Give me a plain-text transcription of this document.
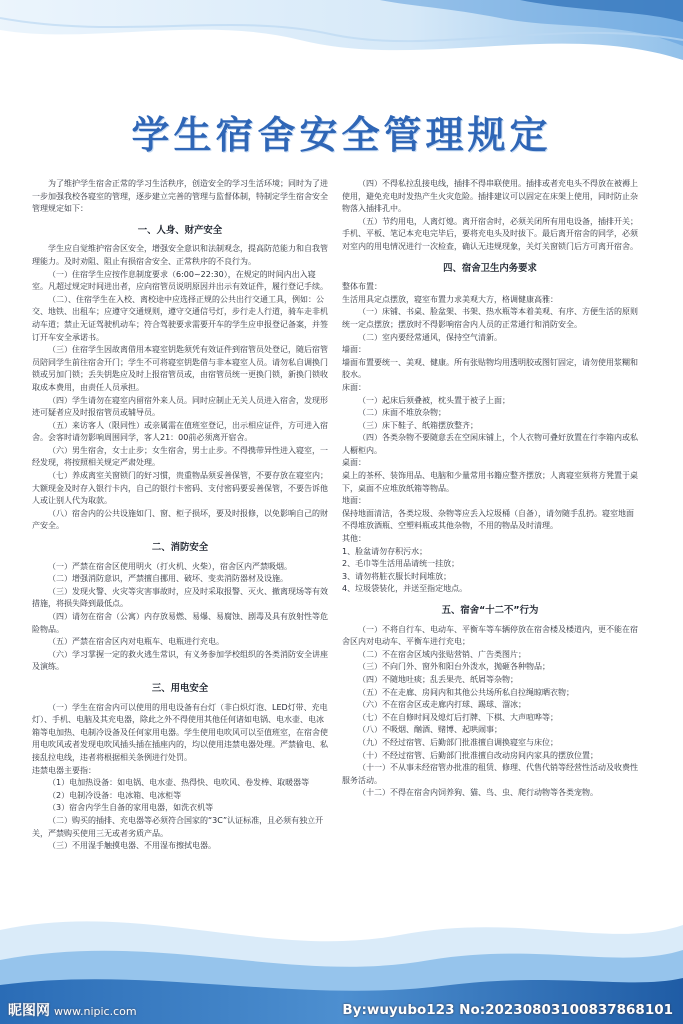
学生宿舍安全管理规定

为了维护学生宿舍正常的学习生活秩序，创造安全的学习生活环境；同时为了进一步加强我校各寝室的管理，逐步建立完善的管理与监督体制，特制定学生宿舍安全管理规定如下：

一、人身、财产安全

学生应自觉维护宿舍区安全，增强安全意识和法制观念，提高防范能力和自我管理能力。及时劝阻、阻止有损宿舍安全、正常秩序的不良行为。

（一）住宿学生应按作息制度要求（6:00~22:30），在规定的时间内出入寝室。凡超过规定时间进出者，应向宿管员说明原因并出示有效证件，履行登记手续。

（二）、住宿学生在入校、离校途中应选择正规的公共出行交通工具，例如：公交、地铁、出租车；应遵守交通规则，遵守交通信号灯，步行走人行道，骑车走非机动车道；禁止无证驾驶机动车；符合驾驶要求需要开车的学生应申报登记备案，并签订开车安全承诺书。

（三）住宿学生因故离借用本寝室钥匙须凭有效证件到宿管员处登记，随后宿管员陪同学生前往宿舍开门；学生不可将寝室钥匙借与非本寝室人员。请勿私自调换门锁或另加门锁；丢失钥匙应及时上报宿管员或，由宿管员统一更换门锁，新换门锁收取成本费用，由责任人员承担。

（四）学生请勿在寝室内留宿外来人员。同时应制止无关人员进入宿舍，发现形迹可疑者应及时报宿管员或辅导员。

（五）来访客人（限同性）或亲属需在值班室登记，出示相应证件，方可进入宿舍。会客时请勿影响周围同学，客人21：00前必须离开宿舍。

（六）男生宿舍，女士止步；女生宿舍，男士止步。不得携带异性进入寝室，一经发现，将按照相关规定严肃处理。

（七）养成离室关窗锁门的好习惯，贵重物品须妥善保管，不要存放在寝室内；大额现金及时存入银行卡内，自己的银行卡密码、支付密码要妥善保管，不要告诉他人或让别人代为取款。

（八）宿舍内的公共设施如门、窗、柜子损坏，要及时报修，以免影响自己的财产安全。

二、消防安全

（一）严禁在宿舍区使用明火（打火机、火柴），宿舍区内严禁吸烟。

（二）增强消防意识，严禁擅自挪用、破坏、变卖消防器材及设施。

（三）发现火警、火灾等灾害事故时，应及时采取报警、灭火、撤离现场等有效措施，将损失降到最低点。

（四）请勿在宿舍（公寓）内存放易燃、易爆、易腐蚀、剧毒及具有放射性等危险物品。

（五）严禁在宿舍区内对电瓶车、电瓶进行充电。

（六）学习掌握一定的救火逃生常识，有义务参加学校组织的各类消防安全讲座及演练。

三、用电安全

（一）学生在宿舍内可以使用的用电设备有台灯（非白炽灯泡、LED灯带、充电灯）、手机、电脑及其充电器，除此之外不得使用其他任何诸如电锅、电水壶、电冰箱等电加热、电制冷设备及任何家用电器。学生使用电吹风可以至值班室，在宿舍使用电吹风或者发现电吹风插头插在插座内的，均以使用违禁电器处理。严禁偷电、私接乱拉电线，违者将根据相关条例进行处罚。

违禁电器主要指：

（1）电加热设备：如电锅、电水壶、热得快、电吹风、卷发棒、取暖器等

（2）电制冷设备：电冰箱、电冰柜等

（3）宿舍内学生自备的家用电器，如洗衣机等

（二）购买的插排、充电器等必须符合国家的“3C”认证标准，且必须有独立开关，严禁购买使用三无或者劣质产品。

（三）不用湿手触摸电器、不用湿布擦拭电器。

（四）不得私拉乱接电线，插排不得串联使用。插排或者充电头不得放在被褥上使用，避免充电时发热产生火灾危险。插排建议可以固定在床架上使用，同时防止杂物落入插排孔中。

（五）节约用电，人离灯熄。离开宿舍时，必须关闭所有用电设备，插排开关；手机、平板、笔记本充电完毕后，要将充电头及时拔下。最后离开宿舍的同学，必须对室内的用电情况进行一次检查，确认无违规现象，关灯关窗锁门后方可离开宿舍。

四、宿舍卫生内务要求

整体布置：

生活用具定点摆放，寝室布置力求美观大方，格调健康高雅：

（一）床铺、书桌、脸盆架、书架、热水瓶等本着美观、有序、方便生活的原则统一定点摆放；摆放时不得影响宿舍内人员的正常通行和消防安全。

（二）室内要经常通风，保持空气清新。

墙面：

墙面布置要统一、美观、健康。所有张贴物均用透明胶或图钉固定，请勿使用浆糊和胶水。

床面：

（一）起床后须叠被，枕头置于被子上面；

（二）床面不堆放杂物；

（三）床下鞋子、纸箱摆放整齐；

（四）各类杂物不要随意丢在空闲床铺上，个人衣物可叠好放置在行李箱内或私人橱柜内。

桌面：

桌上的茶杯、装饰用品、电脑和少量常用书籍应整齐摆放；人离寝室须将方凳置于桌下，桌面不应堆放纸箱等物品。

地面：

保持地面清洁，各类垃圾、杂物等应丢入垃圾桶（自备），请勿随手乱扔。寝室地面不得堆放酒瓶、空塑料瓶或其他杂物，不用的物品及时清理。

其他：

1、脸盆请勿存积污水；

2、毛巾等生活用品请统一挂放；

3、请勿将脏衣服长时间堆放；

4、垃圾袋装化，并送至指定地点。

五、宿舍“十二不”行为

（一）不将自行车、电动车、平衡车等车辆停放在宿舍楼及楼道内，更不能在宿舍区内对电动车、平衡车进行充电；

（二）不在宿舍区域内张贴营销、广告类图片；

（三）不向门外、窗外和阳台外泼水，抛砸各种物品；

（四）不随地吐痰；乱丢果壳、纸屑等杂物；

（五）不在走廊、房间内和其他公共场所私自拉绳晾晒衣物；

（六）不在宿舍区或走廊内打球、踢球、溜冰；

（七）不在自修时间及熄灯后打牌、下棋、大声喧哗等；

（八）不吸烟、酗酒、赌博、起哄闹事；

（九）不经过宿管、后勤部门批准擅自调换寝室与床位；

（十）不经过宿管、后勤部门批准擅自改动房间内家具的摆放位置；

（十一）不从事未经宿管办批准的租赁、修理、代售代销等经营性活动及收费性服务活动。

（十二）不得在宿舍内饲养狗、猫、鸟、虫、爬行动物等各类宠物。

昵图网 www.nipic.com	By:wuyubo123 No:20230803100837868101
